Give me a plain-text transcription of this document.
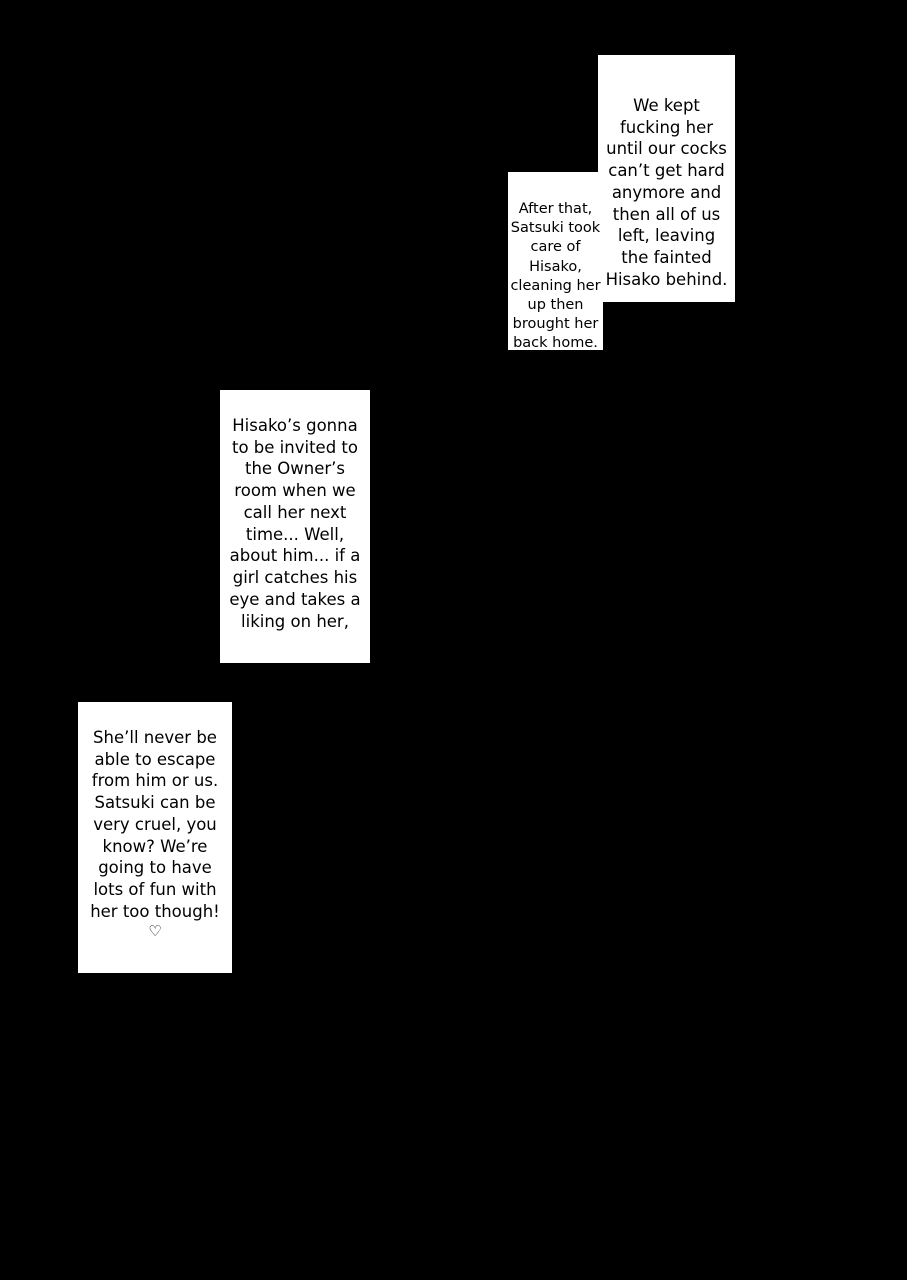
We kept fucking her until our cocks can’t get hard anymore and then all of us left, leaving the fainted Hisako behind.

After that, Satsuki took care of Hisako, cleaning her up then brought her back home.

Hisako’s gonna to be invited to the Owner’s room when we call her next time... Well, about him... if a girl catches his eye and takes a liking on her,

She’ll never be able to escape from him or us. Satsuki can be very cruel, you know? We’re going to have lots of fun with her too though!

♡
